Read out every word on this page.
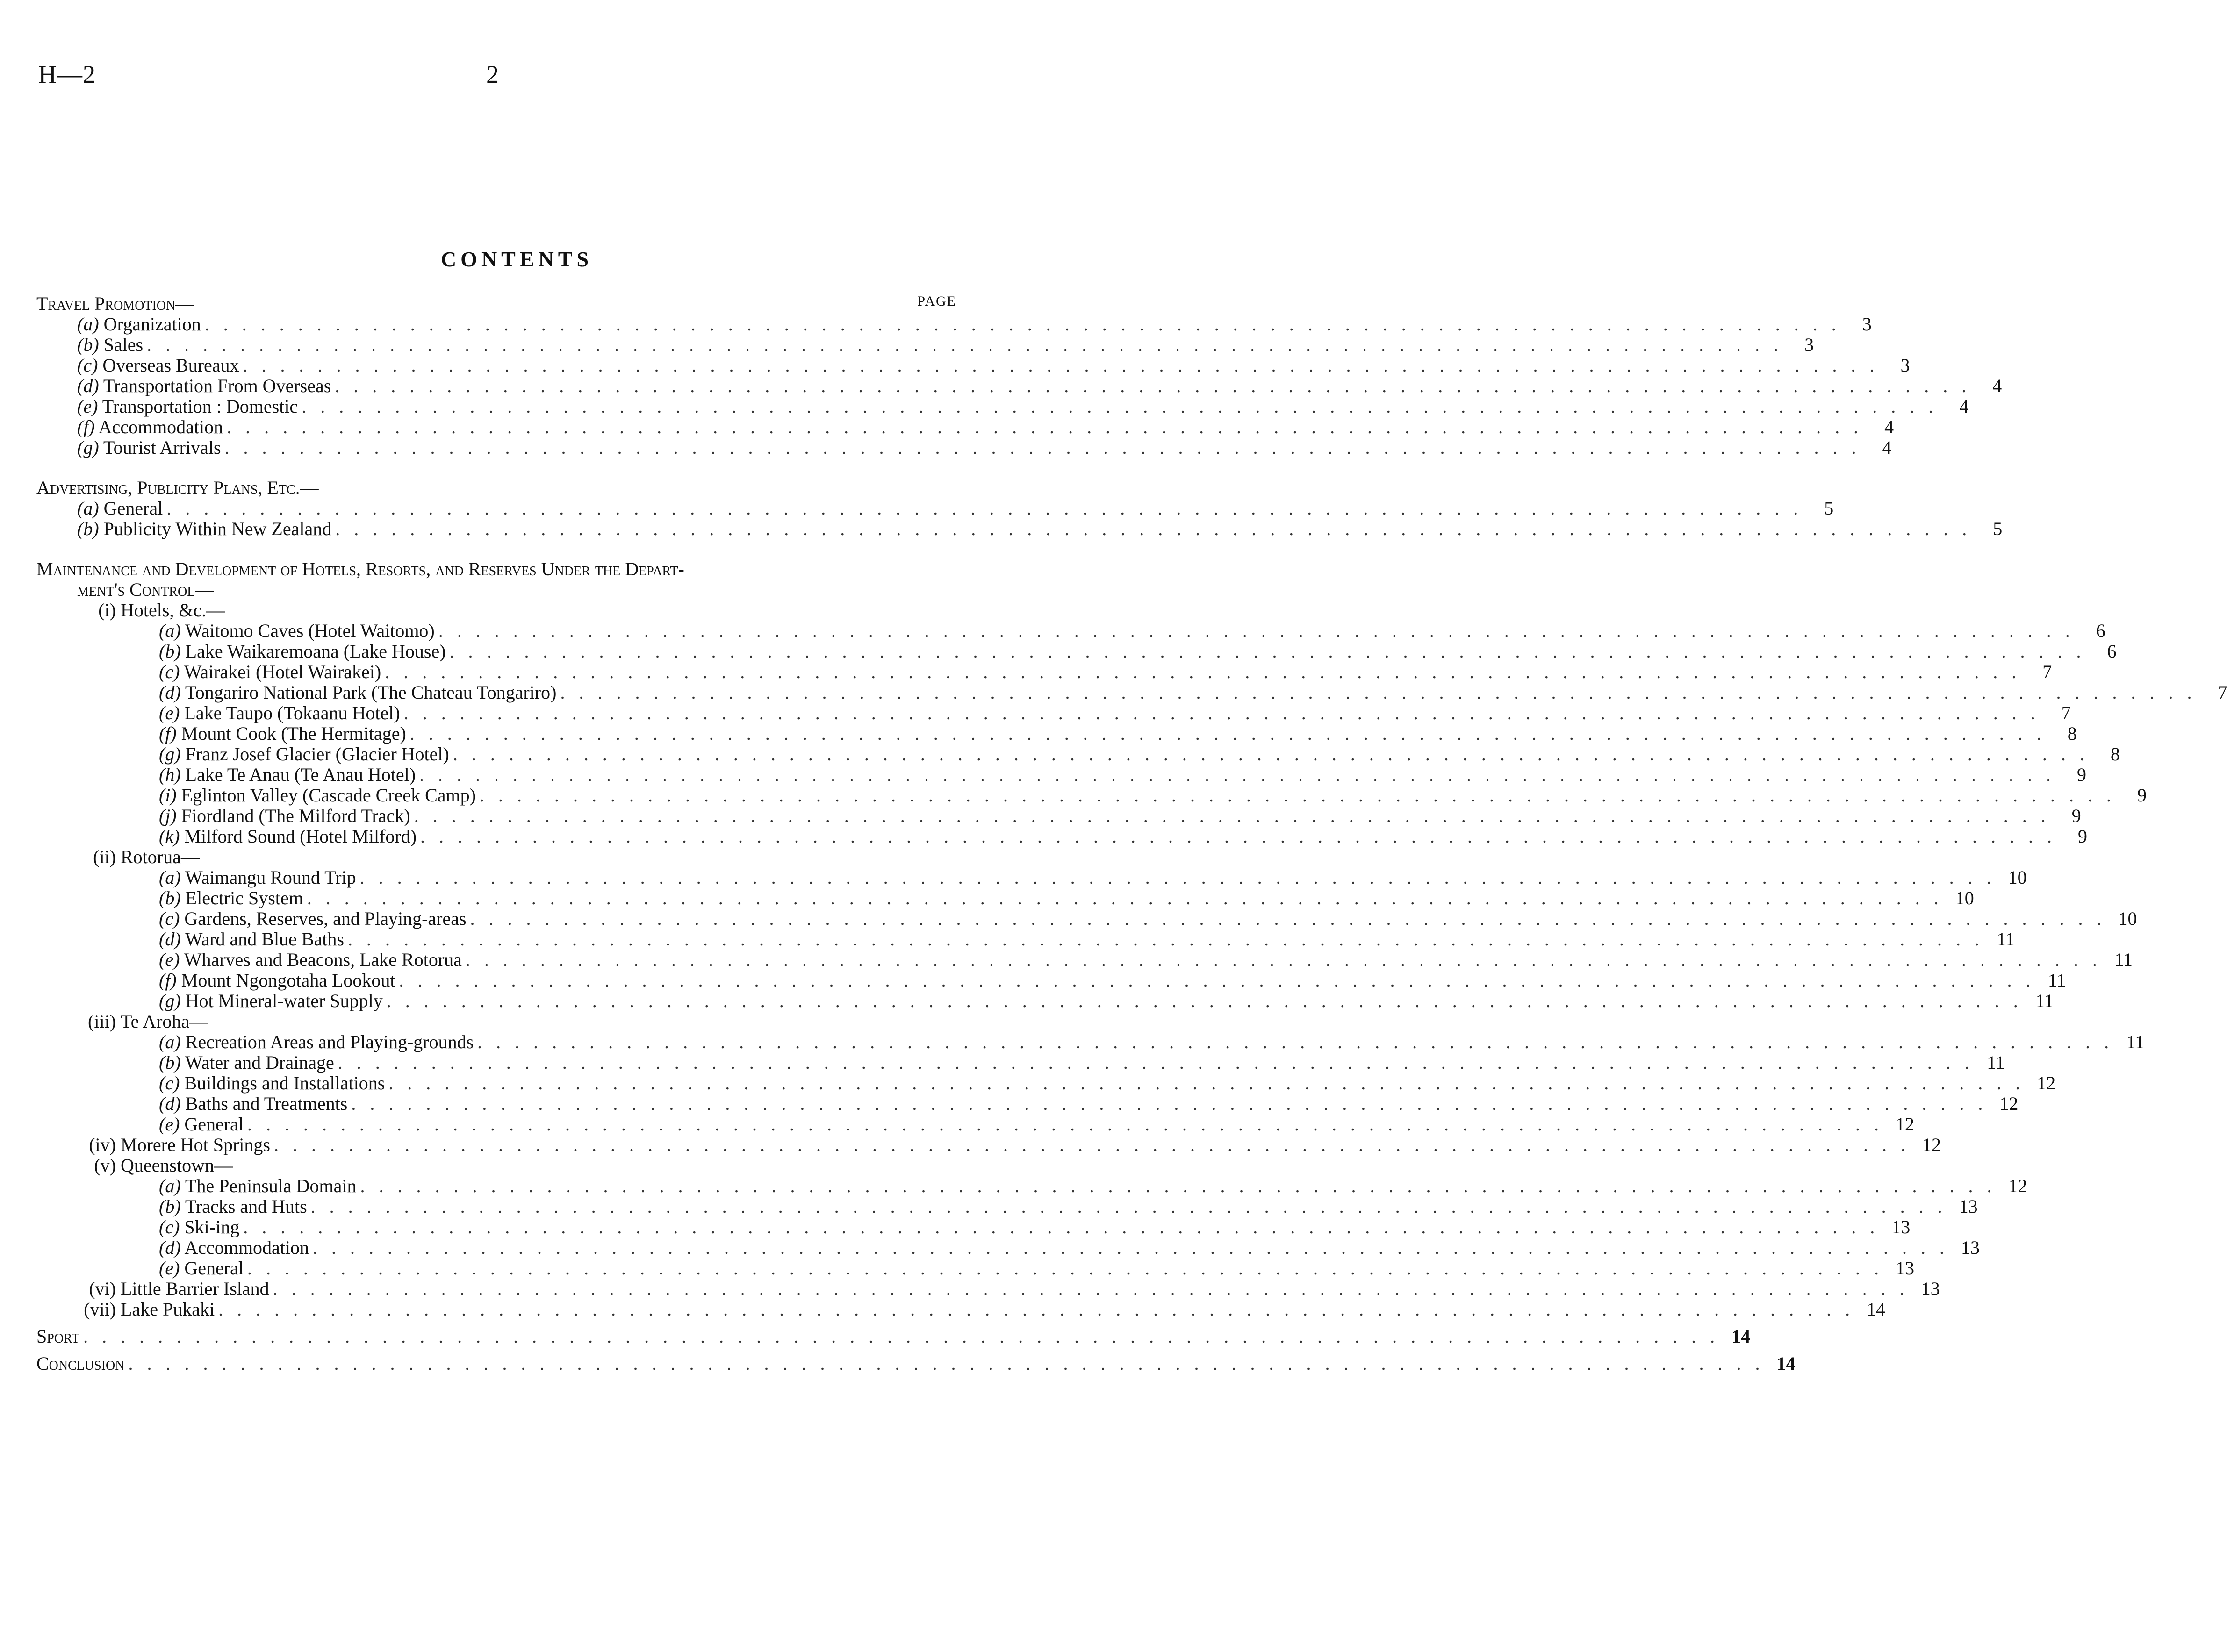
H—2	2
CONTENTS
PAGE
Travel Promotion—
(a) Organization . . . . . . . . . . . . . . . . . . . . . . . . . . . . . . . . . . . . . . . . . . . . . . . . . . . . . . . . . . . . . . . . . . . . . . . . . . . . . . . . . . . . . . . .	3
(b) Sales . . . . . . . . . . . . . . . . . . . . . . . . . . . . . . . . . . . . . . . . . . . . . . . . . . . . . . . . . . . . . . . . . . . . . . . . . . . . . . . . . . . . . . . .	3
(c) Overseas Bureaux . . . . . . . . . . . . . . . . . . . . . . . . . . . . . . . . . . . . . . . . . . . . . . . . . . . . . . . . . . . . . . . . . . . . . . . . . . . . . . . . . . . . . . . .	3
(d) Transportation From Overseas . . . . . . . . . . . . . . . . . . . . . . . . . . . . . . . . . . . . . . . . . . . . . . . . . . . . . . . . . . . . . . . . . . . . . . . . . . . . . . . . . . . . . . . .	4
(e) Transportation : Domestic . . . . . . . . . . . . . . . . . . . . . . . . . . . . . . . . . . . . . . . . . . . . . . . . . . . . . . . . . . . . . . . . . . . . . . . . . . . . . . . . . . . . . . . .	4
(f) Accommodation . . . . . . . . . . . . . . . . . . . . . . . . . . . . . . . . . . . . . . . . . . . . . . . . . . . . . . . . . . . . . . . . . . . . . . . . . . . . . . . . . . . . . . . .	4
(g) Tourist Arrivals . . . . . . . . . . . . . . . . . . . . . . . . . . . . . . . . . . . . . . . . . . . . . . . . . . . . . . . . . . . . . . . . . . . . . . . . . . . . . . . . . . . . . . . .	4
Advertising, Publicity Plans, Etc.—
(a) General . . . . . . . . . . . . . . . . . . . . . . . . . . . . . . . . . . . . . . . . . . . . . . . . . . . . . . . . . . . . . . . . . . . . . . . . . . . . . . . . . . . . . . . .	5
(b) Publicity Within New Zealand . . . . . . . . . . . . . . . . . . . . . . . . . . . . . . . . . . . . . . . . . . . . . . . . . . . . . . . . . . . . . . . . . . . . . . . . . . . . . . . . . . . . . . . .	5
Maintenance and Development of Hotels, Resorts, and Reserves Under the Depart-
ment's Control—
(i) Hotels, &c.—
(a) Waitomo Caves (Hotel Waitomo) . . . . . . . . . . . . . . . . . . . . . . . . . . . . . . . . . . . . . . . . . . . . . . . . . . . . . . . . . . . . . . . . . . . . . . . . . . . . . . . . . . . . . . . .	6
(b) Lake Waikaremoana (Lake House) . . . . . . . . . . . . . . . . . . . . . . . . . . . . . . . . . . . . . . . . . . . . . . . . . . . . . . . . . . . . . . . . . . . . . . . . . . . . . . . . . . . . . . . .	6
(c) Wairakei (Hotel Wairakei) . . . . . . . . . . . . . . . . . . . . . . . . . . . . . . . . . . . . . . . . . . . . . . . . . . . . . . . . . . . . . . . . . . . . . . . . . . . . . . . . . . . . . . . .	7
(d) Tongariro National Park (The Chateau Tongariro) . . . . . . . . . . . . . . . . . . . . . . . . . . . . . . . . . . . . . . . . . . . . . . . . . . . . . . . . . . . . . . . . . . . . . . . . . . . . . . . . . . . . . . . .	7
(e) Lake Taupo (Tokaanu Hotel) . . . . . . . . . . . . . . . . . . . . . . . . . . . . . . . . . . . . . . . . . . . . . . . . . . . . . . . . . . . . . . . . . . . . . . . . . . . . . . . . . . . . . . . .	7
(f) Mount Cook (The Hermitage) . . . . . . . . . . . . . . . . . . . . . . . . . . . . . . . . . . . . . . . . . . . . . . . . . . . . . . . . . . . . . . . . . . . . . . . . . . . . . . . . . . . . . . . .	8
(g) Franz Josef Glacier (Glacier Hotel) . . . . . . . . . . . . . . . . . . . . . . . . . . . . . . . . . . . . . . . . . . . . . . . . . . . . . . . . . . . . . . . . . . . . . . . . . . . . . . . . . . . . . . . .	8
(h) Lake Te Anau (Te Anau Hotel) . . . . . . . . . . . . . . . . . . . . . . . . . . . . . . . . . . . . . . . . . . . . . . . . . . . . . . . . . . . . . . . . . . . . . . . . . . . . . . . . . . . . . . . .	9
(i) Eglinton Valley (Cascade Creek Camp) . . . . . . . . . . . . . . . . . . . . . . . . . . . . . . . . . . . . . . . . . . . . . . . . . . . . . . . . . . . . . . . . . . . . . . . . . . . . . . . . . . . . . . . .	9
(j) Fiordland (The Milford Track) . . . . . . . . . . . . . . . . . . . . . . . . . . . . . . . . . . . . . . . . . . . . . . . . . . . . . . . . . . . . . . . . . . . . . . . . . . . . . . . . . . . . . . . .	9
(k) Milford Sound (Hotel Milford) . . . . . . . . . . . . . . . . . . . . . . . . . . . . . . . . . . . . . . . . . . . . . . . . . . . . . . . . . . . . . . . . . . . . . . . . . . . . . . . . . . . . . . . .	9
(ii) Rotorua—
(a) Waimangu Round Trip . . . . . . . . . . . . . . . . . . . . . . . . . . . . . . . . . . . . . . . . . . . . . . . . . . . . . . . . . . . . . . . . . . . . . . . . . . . . . . . . . . . . . . . . 10
(b) Electric System . . . . . . . . . . . . . . . . . . . . . . . . . . . . . . . . . . . . . . . . . . . . . . . . . . . . . . . . . . . . . . . . . . . . . . . . . . . . . . . . . . . . . . . . 10
(c) Gardens, Reserves, and Playing-areas . . . . . . . . . . . . . . . . . . . . . . . . . . . . . . . . . . . . . . . . . . . . . . . . . . . . . . . . . . . . . . . . . . . . . . . . . . . . . . . . . . . . . . . . 10
(d) Ward and Blue Baths . . . . . . . . . . . . . . . . . . . . . . . . . . . . . . . . . . . . . . . . . . . . . . . . . . . . . . . . . . . . . . . . . . . . . . . . . . . . . . . . . . . . . . . . 11
(e) Wharves and Beacons, Lake Rotorua . . . . . . . . . . . . . . . . . . . . . . . . . . . . . . . . . . . . . . . . . . . . . . . . . . . . . . . . . . . . . . . . . . . . . . . . . . . . . . . . . . . . . . . . 11
(f) Mount Ngongotaha Lookout . . . . . . . . . . . . . . . . . . . . . . . . . . . . . . . . . . . . . . . . . . . . . . . . . . . . . . . . . . . . . . . . . . . . . . . . . . . . . . . . . . . . . . . . 11
(g) Hot Mineral-water Supply . . . . . . . . . . . . . . . . . . . . . . . . . . . . . . . . . . . . . . . . . . . . . . . . . . . . . . . . . . . . . . . . . . . . . . . . . . . . . . . . . . . . . . . . 11
(iii) Te Aroha—
(a) Recreation Areas and Playing-grounds . . . . . . . . . . . . . . . . . . . . . . . . . . . . . . . . . . . . . . . . . . . . . . . . . . . . . . . . . . . . . . . . . . . . . . . . . . . . . . . . . . . . . . . . 11
(b) Water and Drainage . . . . . . . . . . . . . . . . . . . . . . . . . . . . . . . . . . . . . . . . . . . . . . . . . . . . . . . . . . . . . . . . . . . . . . . . . . . . . . . . . . . . . . . . 11
(c) Buildings and Installations . . . . . . . . . . . . . . . . . . . . . . . . . . . . . . . . . . . . . . . . . . . . . . . . . . . . . . . . . . . . . . . . . . . . . . . . . . . . . . . . . . . . . . . . 12
(d) Baths and Treatments . . . . . . . . . . . . . . . . . . . . . . . . . . . . . . . . . . . . . . . . . . . . . . . . . . . . . . . . . . . . . . . . . . . . . . . . . . . . . . . . . . . . . . . . 12
(e) General . . . . . . . . . . . . . . . . . . . . . . . . . . . . . . . . . . . . . . . . . . . . . . . . . . . . . . . . . . . . . . . . . . . . . . . . . . . . . . . . . . . . . . . . 12
(iv) Morere Hot Springs . . . . . . . . . . . . . . . . . . . . . . . . . . . . . . . . . . . . . . . . . . . . . . . . . . . . . . . . . . . . . . . . . . . . . . . . . . . . . . . . . . . . . . . . 12
(v) Queenstown—
(a) The Peninsula Domain . . . . . . . . . . . . . . . . . . . . . . . . . . . . . . . . . . . . . . . . . . . . . . . . . . . . . . . . . . . . . . . . . . . . . . . . . . . . . . . . . . . . . . . . 12
(b) Tracks and Huts . . . . . . . . . . . . . . . . . . . . . . . . . . . . . . . . . . . . . . . . . . . . . . . . . . . . . . . . . . . . . . . . . . . . . . . . . . . . . . . . . . . . . . . . 13
(c) Ski-ing . . . . . . . . . . . . . . . . . . . . . . . . . . . . . . . . . . . . . . . . . . . . . . . . . . . . . . . . . . . . . . . . . . . . . . . . . . . . . . . . . . . . . . . . 13
(d) Accommodation . . . . . . . . . . . . . . . . . . . . . . . . . . . . . . . . . . . . . . . . . . . . . . . . . . . . . . . . . . . . . . . . . . . . . . . . . . . . . . . . . . . . . . . . 13
(e) General . . . . . . . . . . . . . . . . . . . . . . . . . . . . . . . . . . . . . . . . . . . . . . . . . . . . . . . . . . . . . . . . . . . . . . . . . . . . . . . . . . . . . . . . 13
(vi) Little Barrier Island . . . . . . . . . . . . . . . . . . . . . . . . . . . . . . . . . . . . . . . . . . . . . . . . . . . . . . . . . . . . . . . . . . . . . . . . . . . . . . . . . . . . . . . . 13
(vii) Lake Pukaki . . . . . . . . . . . . . . . . . . . . . . . . . . . . . . . . . . . . . . . . . . . . . . . . . . . . . . . . . . . . . . . . . . . . . . . . . . . . . . . . . . . . . . . . 14
Sport . . . . . . . . . . . . . . . . . . . . . . . . . . . . . . . . . . . . . . . . . . . . . . . . . . . . . . . . . . . . . . . . . . . . . . . . . . . . . . . . . . . . . . . . 14
Conclusion . . . . . . . . . . . . . . . . . . . . . . . . . . . . . . . . . . . . . . . . . . . . . . . . . . . . . . . . . . . . . . . . . . . . . . . . . . . . . . . . . . . . . . . . 14
